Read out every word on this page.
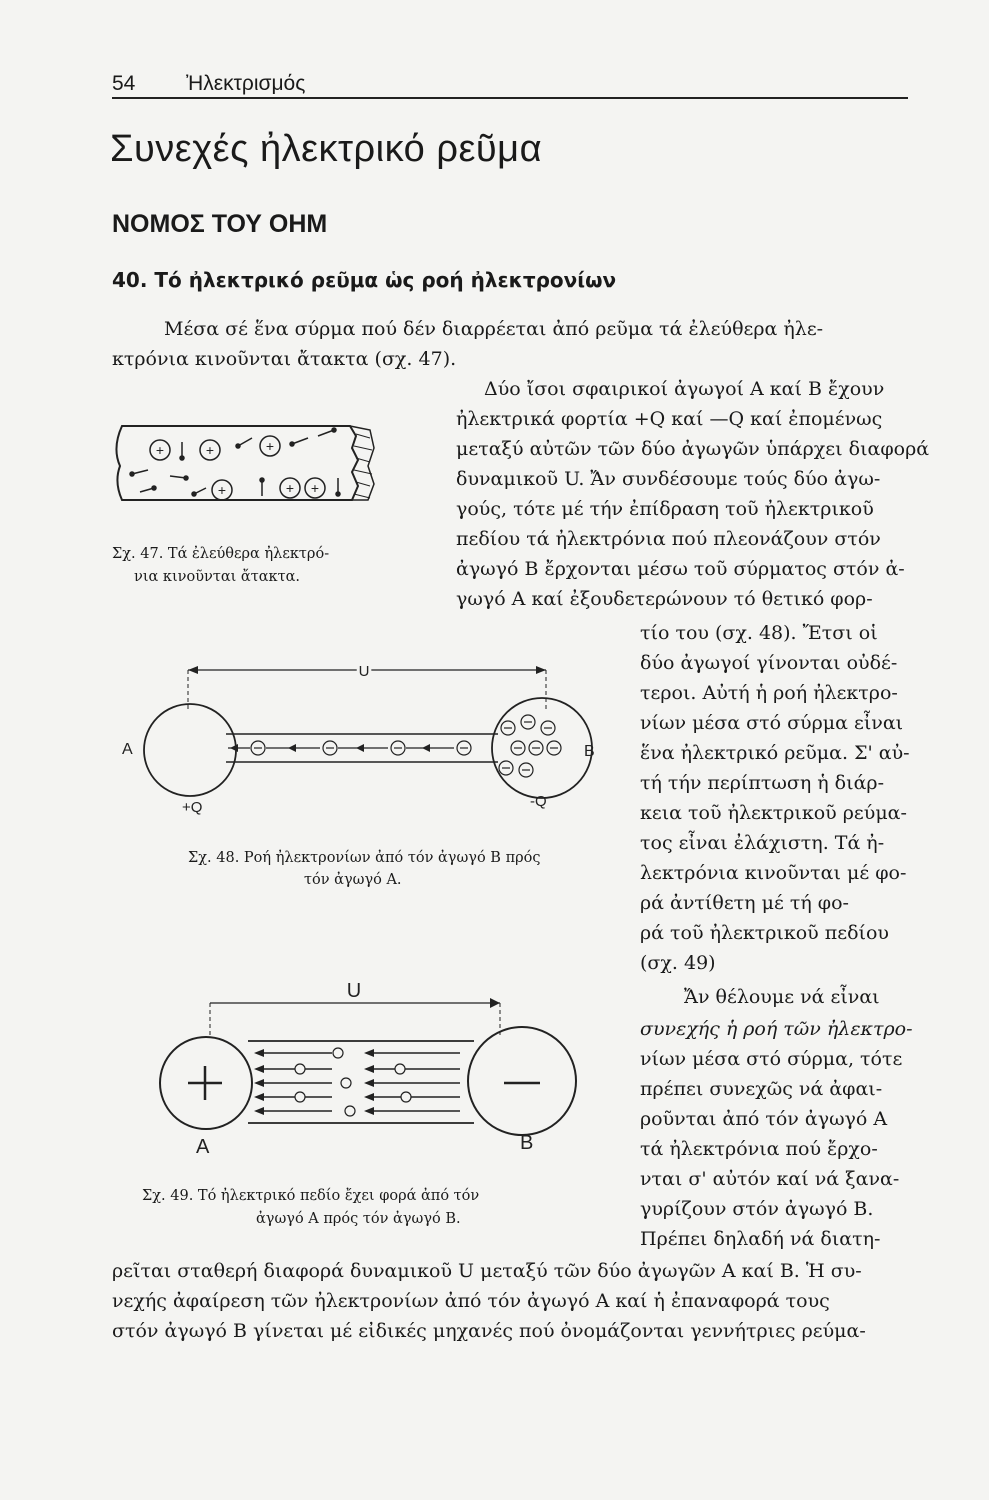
54 Ἠλεκτρισμός
Συνεχές ἠλεκτρικό ρεῦμα
ΝΟΜΟΣ ΤΟΥ ΟΗΜ
40. Τό ἠλεκτρικό ρεῦμα ὡς ροή ἠλεκτρονίων
Μέσα σέ ἕνα σύρμα πού δέν διαρρέεται ἀπό ρεῦμα τά ἐλεύθερα ἠλε-
κτρόνια κινοῦνται ἄτακτα (σχ. 47).
Δύο ἴσοι σφαιρικοί ἀγωγοί Α καί Β ἔχουν
ἠλεκτρικά φορτία +Q καί —Q καί ἐπομένως
μεταξύ αὐτῶν τῶν δύο ἀγωγῶν ὑπάρχει διαφορά
δυναμικοῦ U. Ἄν συνδέσουμε τούς δύο ἀγω-
γούς, τότε μέ τήν ἐπίδραση τοῦ ἠλεκτρικοῦ
πεδίου τά ἠλεκτρόνια πού πλεονάζουν στόν
ἀγωγό Β ἔρχονται μέσω τοῦ σύρματος στόν ἀ-
γωγό Α καί ἐξουδετερώνουν τό θετικό φορ-
τίο του (σχ. 48). Ἔτσι οἱ
δύο ἀγωγοί γίνονται οὐδέ-
τεροι. Αὐτή ἡ ροή ἠλεκτρο-
νίων μέσα στό σύρμα εἶναι
ἕνα ἠλεκτρικό ρεῦμα. Σ' αὐ-
τή τήν περίπτωση ἡ διάρ-
κεια τοῦ ἠλεκτρικοῦ ρεύμα-
τος εἶναι ἐλάχιστη. Τά ἠ-
λεκτρόνια κινοῦνται μέ φο-
ρά ἀντίθετη μέ τή φο-
ρά τοῦ ἠλεκτρικοῦ πεδίου
(σχ. 49)
Ἄν θέλουμε νά εἶναι
συνεχής ἡ ροή τῶν ἠλεκτρο-
νίων μέσα στό σύρμα, τότε
πρέπει συνεχῶς νά ἀφαι-
ροῦνται ἀπό τόν ἀγωγό Α
τά ἠλεκτρόνια πού ἔρχο-
νται σ' αὐτόν καί νά ξανα-
γυρίζουν στόν ἀγωγό Β.
Πρέπει δηλαδή νά διατη-
ρεῖται σταθερή διαφορά δυναμικοῦ U μεταξύ τῶν δύο ἀγωγῶν Α καί Β. Ἡ συ-
νεχής ἀφαίρεση τῶν ἠλεκτρονίων ἀπό τόν ἀγωγό Α καί ἡ ἐπαναφορά τους
στόν ἀγωγό Β γίνεται μέ εἰδικές μηχανές πού ὀνομάζονται γεννήτριες ρεύμα-
+	+	+
+	+ +
Σχ. 47. Τά ἐλεύθερα ἠλεκτρό-
νια κινοῦνται ἄτακτα.
U
A	B
+Q	-Q
Σχ. 48. Ροή ἠλεκτρονίων ἀπό τόν ἀγωγό Β πρός
τόν ἀγωγό Α.
U
A	B
Σχ. 49. Τό ἠλεκτρικό πεδίο ἔχει φορά ἀπό τόν
ἀγωγό Α πρός τόν ἀγωγό Β.
